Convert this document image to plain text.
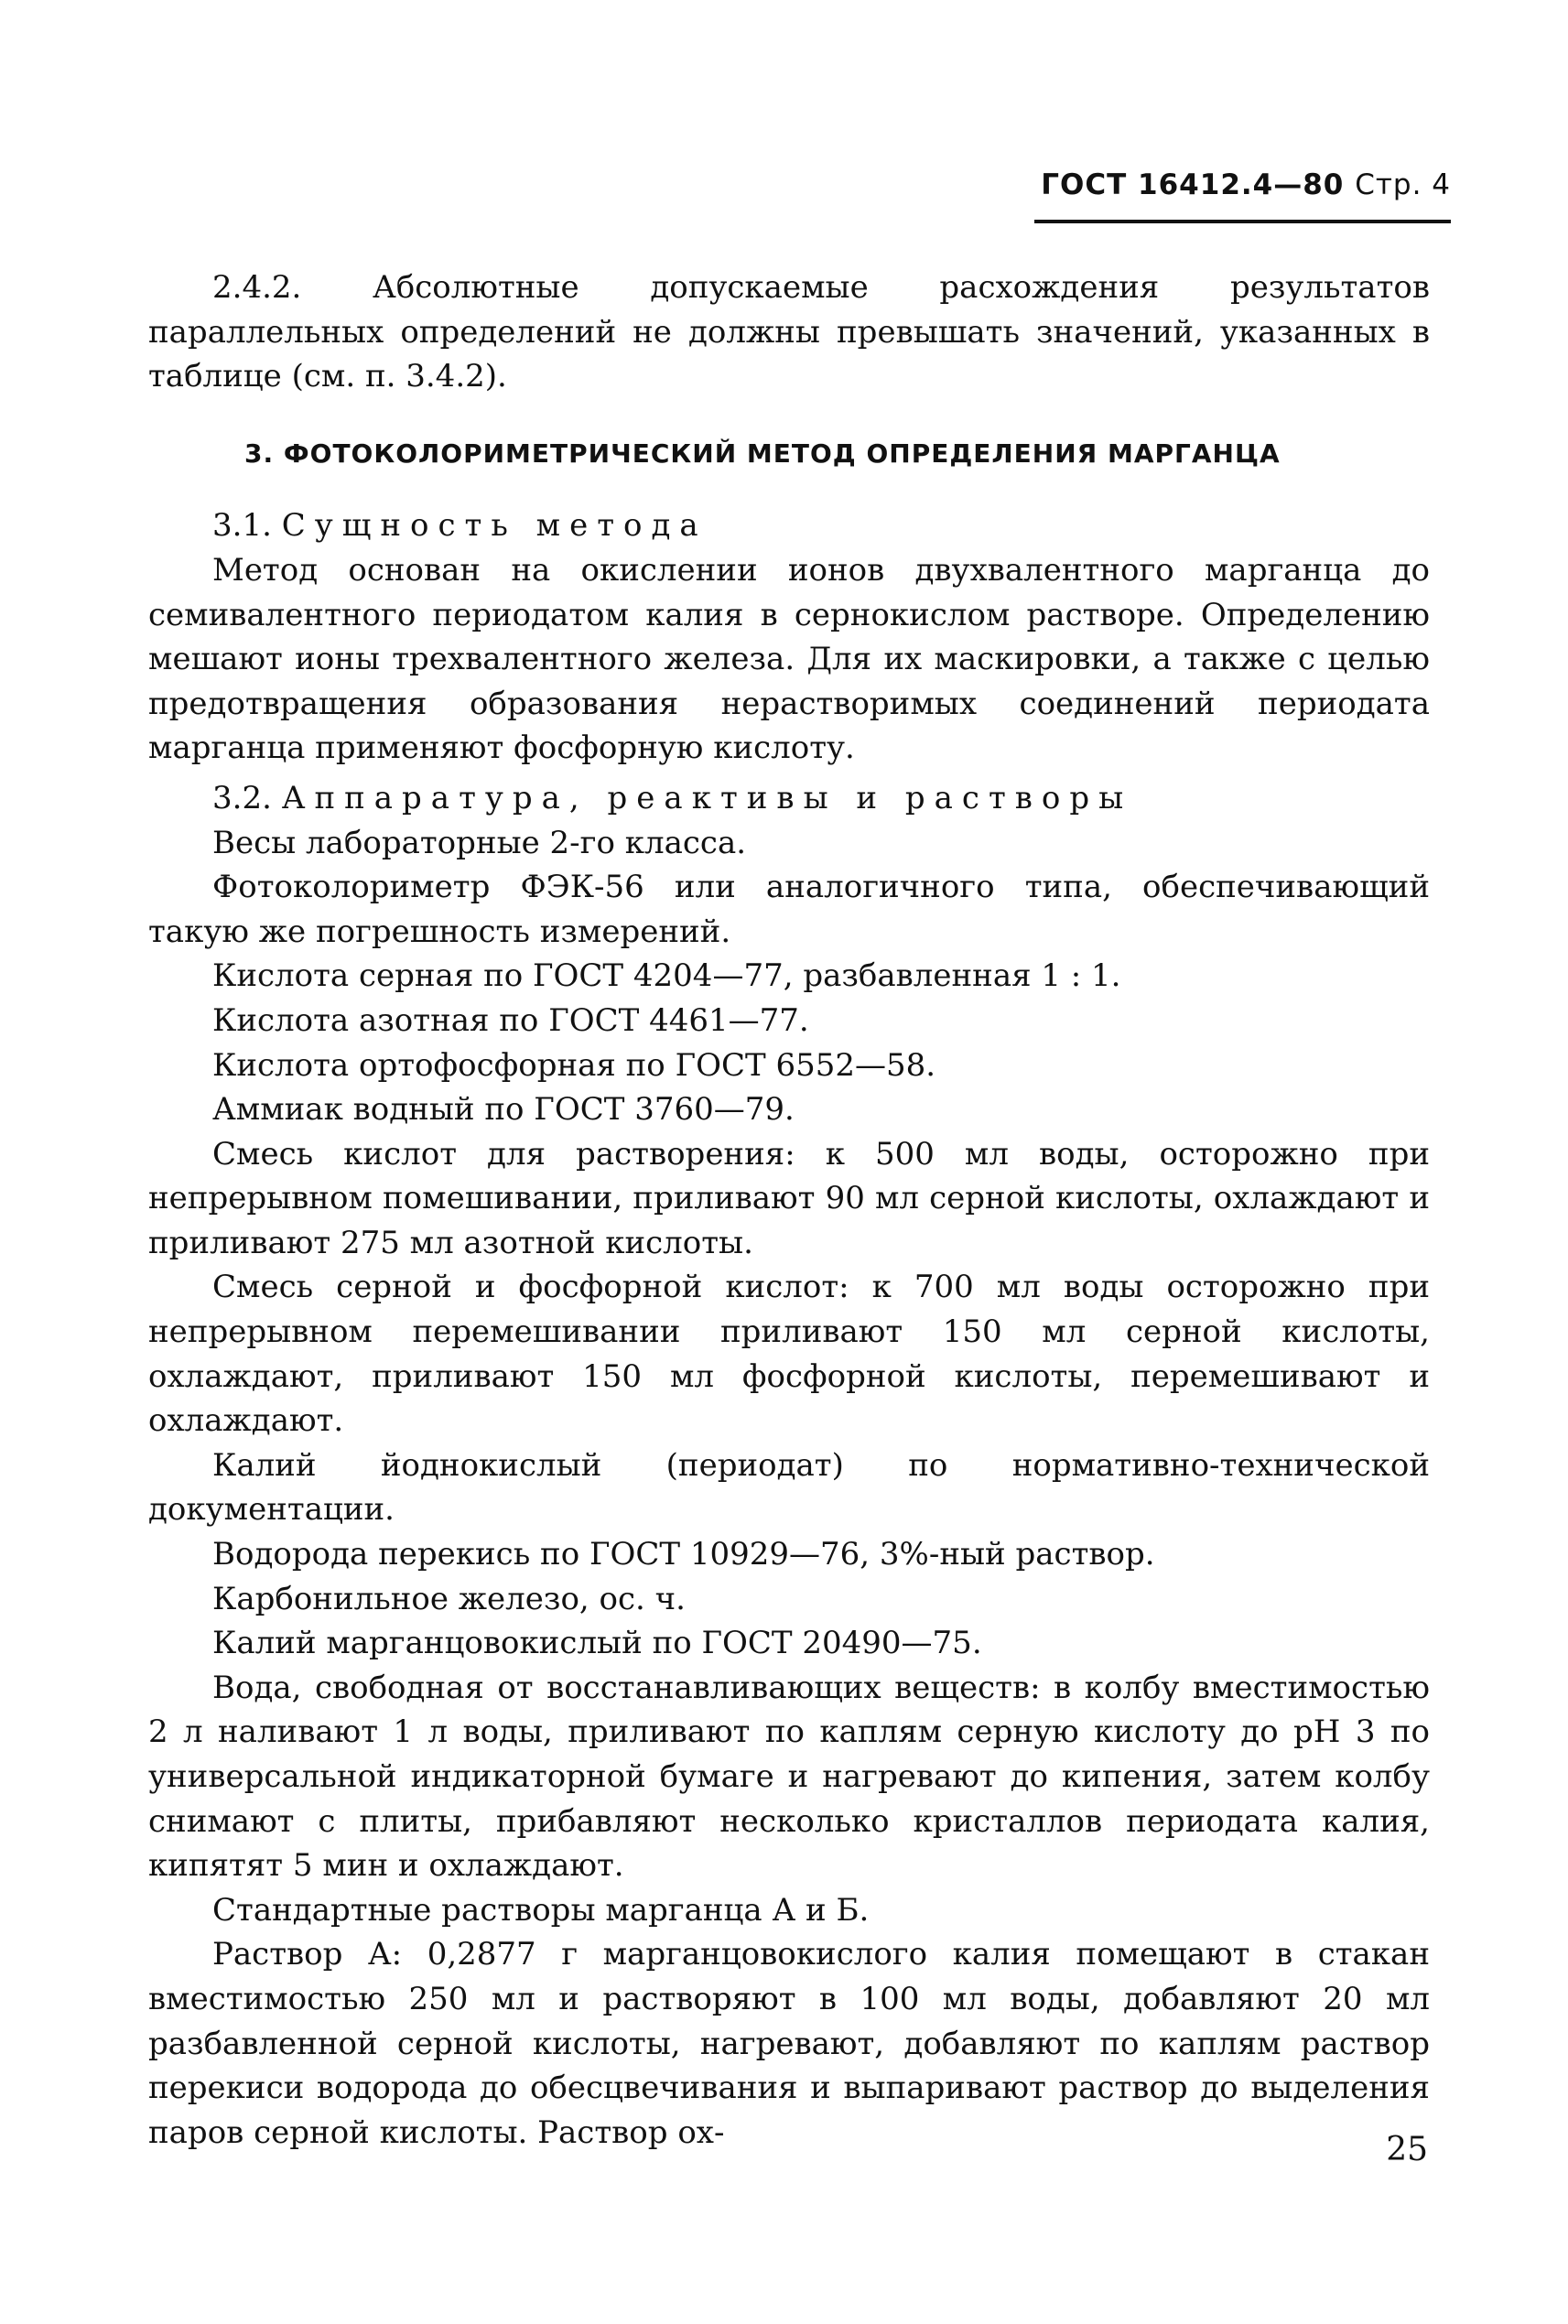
ГОСТ 16412.4—80 Стр. 4

2.4.2. Абсолютные допускаемые расхождения результатов параллельных определений не должны превышать значений, указанных в таблице (см. п. 3.4.2).

3. ФОТОКОЛОРИМЕТРИЧЕСКИЙ МЕТОД ОПРЕДЕЛЕНИЯ МАРГАНЦА

3.1. Сущность метода

Метод основан на окислении ионов двухвалентного марганца до семивалентного периодатом калия в сернокислом растворе. Определению мешают ионы трехвалентного железа. Для их маскировки, а также с целью предотвращения образования нерастворимых соединений периодата марганца применяют фосфорную кислоту.

3.2. Аппаратура, реактивы и растворы

Весы лабораторные 2-го класса.

Фотоколориметр ФЭК-56 или аналогичного типа, обеспечивающий такую же погрешность измерений.

Кислота серная по ГОСТ 4204—77, разбавленная 1 : 1.

Кислота азотная по ГОСТ 4461—77.

Кислота ортофосфорная по ГОСТ 6552—58.

Аммиак водный по ГОСТ 3760—79.

Смесь кислот для растворения: к 500 мл воды, осторожно при непрерывном помешивании, приливают 90 мл серной кислоты, охлаждают и приливают 275 мл азотной кислоты.

Смесь серной и фосфорной кислот: к 700 мл воды осторожно при непрерывном перемешивании приливают 150 мл серной кислоты, охлаждают, приливают 150 мл фосфорной кислоты, перемешивают и охлаждают.

Калий йоднокислый (периодат) по нормативно-технической документации.

Водорода перекись по ГОСТ 10929—76, 3%-ный раствор.

Карбонильное железо, ос. ч.

Калий марганцовокислый по ГОСТ 20490—75.

Вода, свободная от восстанавливающих веществ: в колбу вместимостью 2 л наливают 1 л воды, приливают по каплям серную кислоту до рН 3 по универсальной индикаторной бумаге и нагревают до кипения, затем колбу снимают с плиты, прибавляют несколько кристаллов периодата калия, кипятят 5 мин и охлаждают.

Стандартные растворы марганца А и Б.

Раствор А: 0,2877 г марганцовокислого калия помещают в стакан вместимостью 250 мл и растворяют в 100 мл воды, добавляют 20 мл разбавленной серной кислоты, нагревают, добавляют по каплям раствор перекиси водорода до обесцвечивания и выпаривают раствор до выделения паров серной кислоты. Раствор ох-	25
